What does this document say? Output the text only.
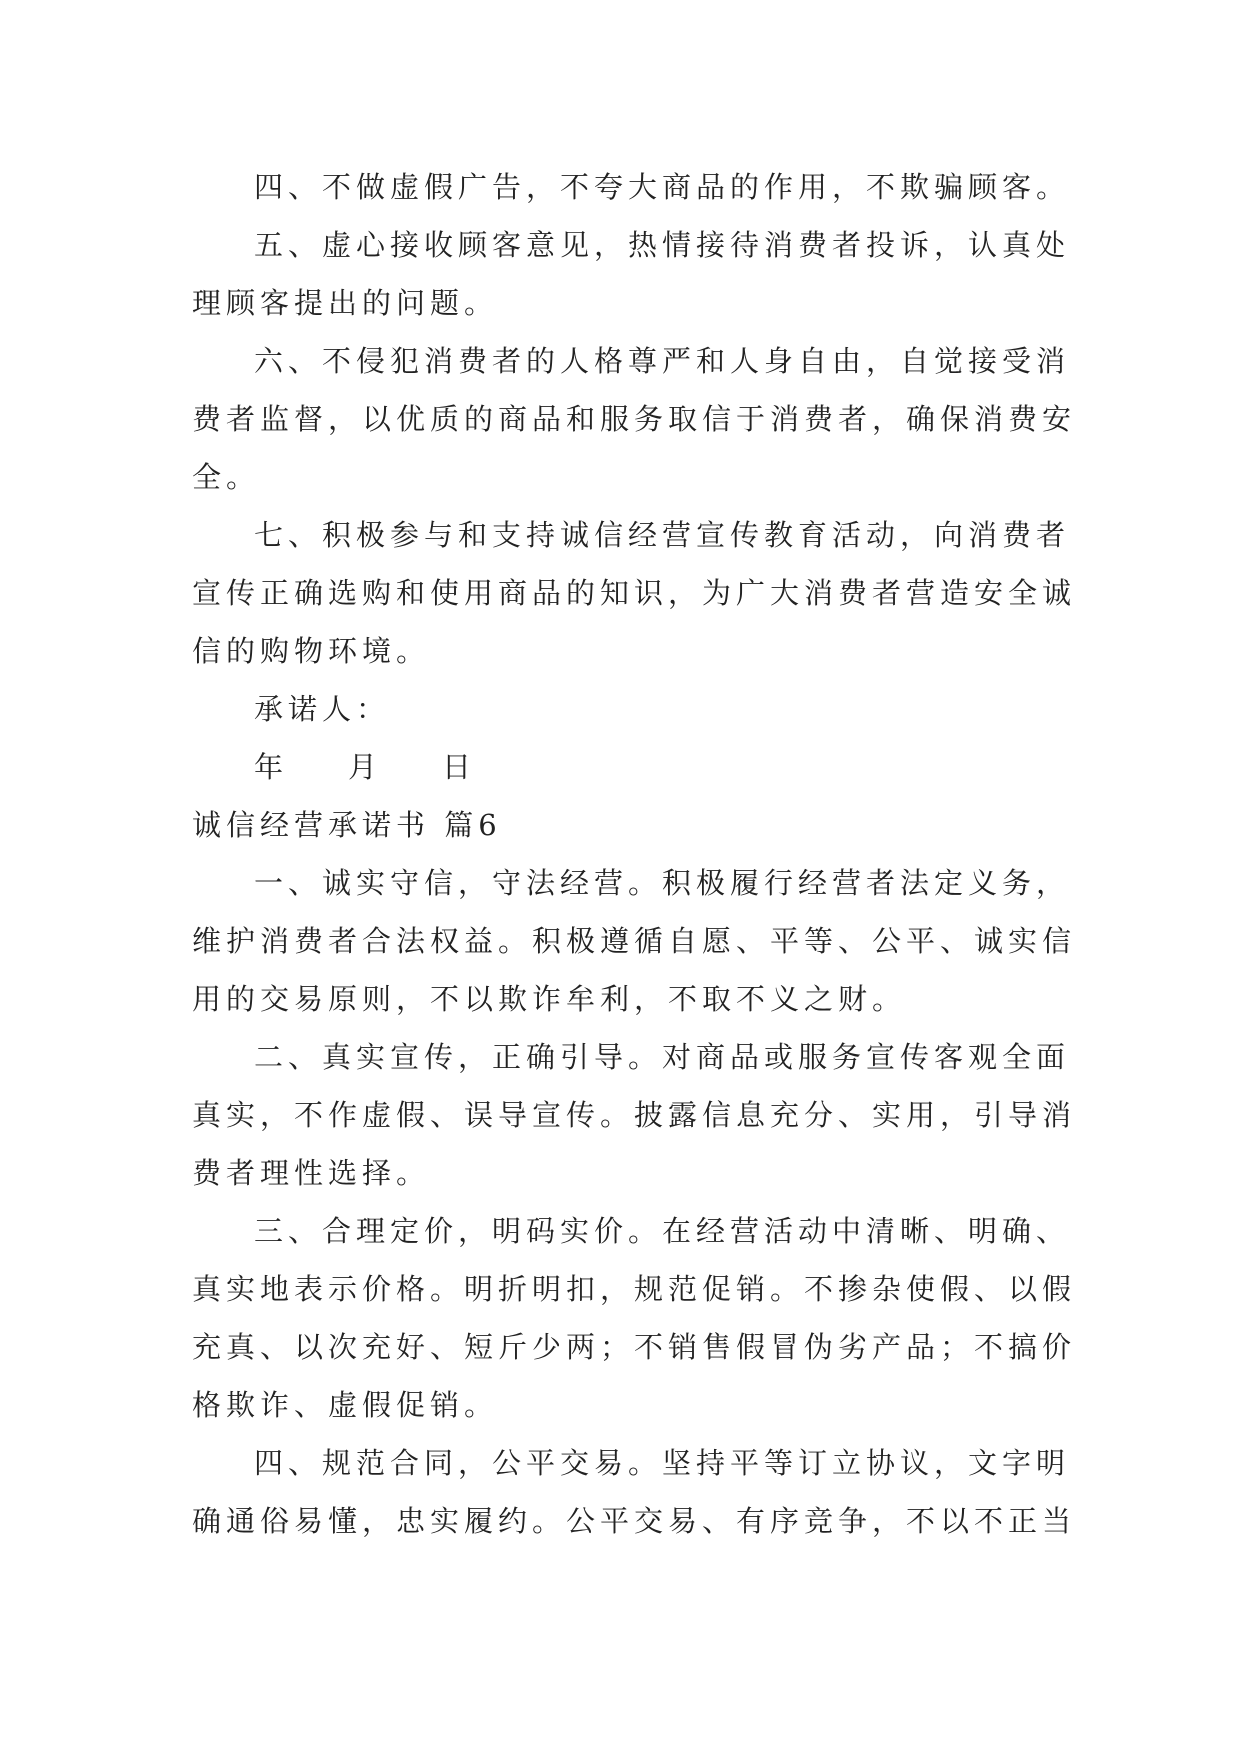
四、不做虚假广告，不夸大商品的作用，不欺骗顾客。
五、虚心接收顾客意见，热情接待消费者投诉，认真处
理顾客提出的问题。
六、不侵犯消费者的人格尊严和人身自由，自觉接受消
费者监督，以优质的商品和服务取信于消费者，确保消费安
全。
七、积极参与和支持诚信经营宣传教育活动，向消费者
宣传正确选购和使用商品的知识，为广大消费者营造安全诚
信的购物环境。
承诺人：
年 月 日
诚信经营承诺书 篇6
一、诚实守信，守法经营。积极履行经营者法定义务，
维护消费者合法权益。积极遵循自愿、平等、公平、诚实信
用的交易原则，不以欺诈牟利，不取不义之财。
二、真实宣传，正确引导。对商品或服务宣传客观全面
真实，不作虚假、误导宣传。披露信息充分、实用，引导消
费者理性选择。
三、合理定价，明码实价。在经营活动中清晰、明确、
真实地表示价格。明折明扣，规范促销。不掺杂使假、以假
充真、以次充好、短斤少两；不销售假冒伪劣产品；不搞价
格欺诈、虚假促销。
四、规范合同，公平交易。坚持平等订立协议，文字明
确通俗易懂，忠实履约。公平交易、有序竞争，不以不正当
